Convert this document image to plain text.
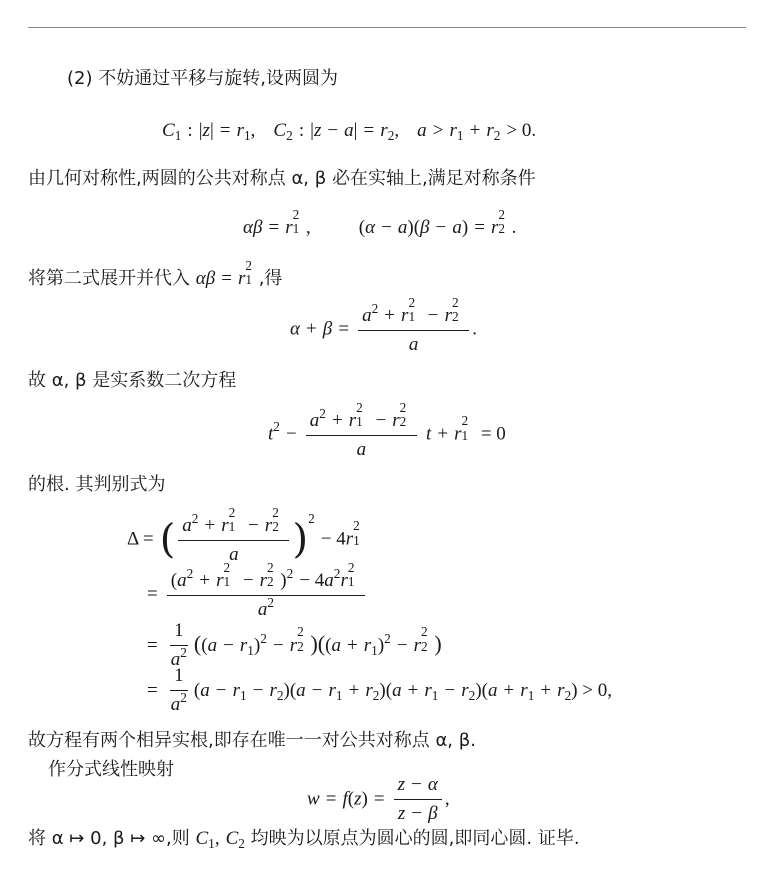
(2) 不妨通过平移与旋转,设两圆为
$C_1$ : $|z| = r_1$, $C_2$ : $|z - a| = r_2$, $a > r_1 + r_2 > 0$.
由几何对称性,两圆的公共对称点 α, β 必在实轴上,满足对称条件
αβ = r
2
1 ,	(α − a)(β − a) = r
2
2 .
将第二式展开并代入 αβ = r
2
1 ,得
$\alpha + \beta = a^2 + r$
2
1 − r
2
2
a .
故 α, β 是实系数二次方程
$t^2 - a^2 + r$
2
1 − r
2
2
a t + r
2
1 = 0
的根. 其判别式为
Δ = ( $a^2 + r$
2
1 − r
2
2
a )$^2$ − 4r
2
1
= ($a^2 + r$
2
1 − r
2
2 )$^2 - 4a^2r$
2
1
$a^2$
= $\frac{1}{a^2} ((a - r_1)^2 - r$
2
2 )($(a + r_1)^2 - r$
2
2 )
= $\frac{1}{a^2} (a - r_1 - r_2)(a - r_1 + r_2)(a + r_1 - r_2)(a + r_1 + r_2) > 0$,
故方程有两个相异实根,即存在唯一一对公共对称点 α, β.
作分式线性映射
$w = f(z) = \frac{z - \alpha}{z - \beta}$ ,
将 α ↦ 0, β ↦ ∞,则 $C_1$, $C_2$ 均映为以原点为圆心的圆,即同心圆. 证毕.
